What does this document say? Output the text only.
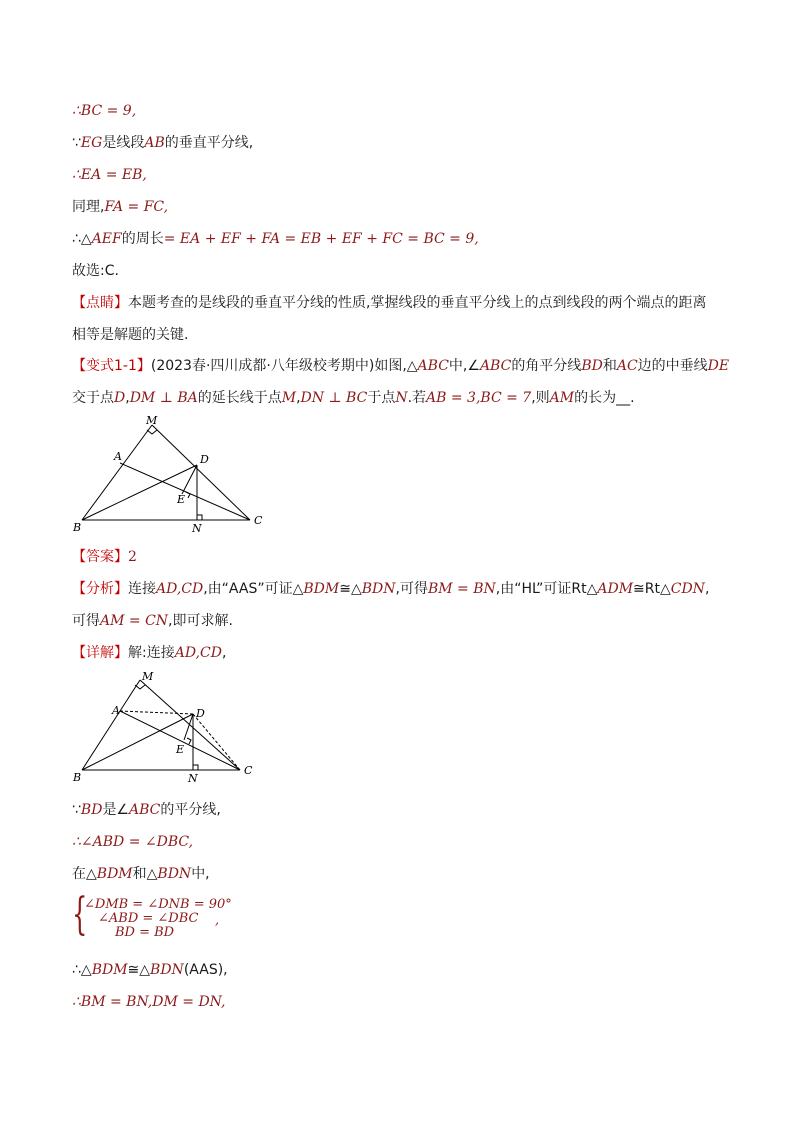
∴BC = 9,
∵EG是线段AB的垂直平分线,
∴EA = EB,
同理,FA = FC,
∴△AEF的周长= EA + EF + FA = EB + EF + FC = BC = 9,
故选:C.
【点睛】本题考查的是线段的垂直平分线的性质,掌握线段的垂直平分线上的点到线段的两个端点的距离
相等是解题的关键.
【变式1-1】(2023春·四川成都·八年级校考期中)如图,△ABC中,∠ABC的角平分线BD和AC边的中垂线DE
交于点D,DM ⊥ BA的延长线于点M,DN ⊥ BC于点N.若AB = 3,BC = 7,则AM的长为__.
M
A	D
E
B	N
C
【答案】2
【分析】连接AD,CD,由“AAS”可证△BDM≅△BDN,可得BM = BN,由“HL”可证Rt△ADM≅Rt△CDN,
可得AM = CN,即可求解.
【详解】解:连接AD,CD,
M
A	D
E
B	N
C
∵BD是∠ABC的平分线,
∴∠ABD = ∠DBC,
在△BDM和△BDN中,
{
∠DMB = ∠DNB = 90°
∠ABD = ∠DBC
BD = BD
,
∴△BDM≅△BDN(AAS),
∴BM = BN,DM = DN,
